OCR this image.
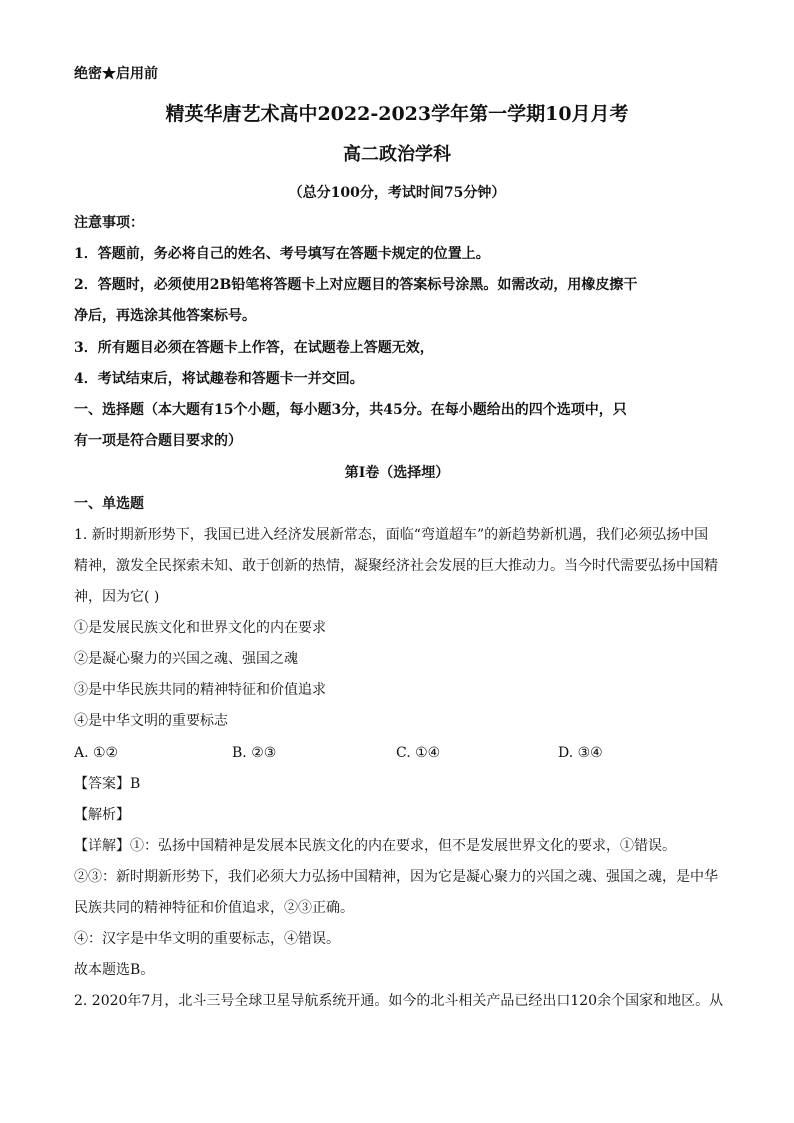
绝密★启用前
精英华唐艺术高中2022-2023学年第一学期10月月考
高二政治学科
（总分100分，考试时间75分钟）
注意事项：
1．答题前，务必将自己的姓名、考号填写在答题卡规定的位置上。
2．答题时，必须使用2B铅笔将答题卡上对应题目的答案标号涂黑。如需改动，用橡皮擦干
净后，再选涂其他答案标号。
3．所有题目必须在答题卡上作答，在试题卷上答题无效，
4．考试结束后，将试趣卷和答题卡一并交回。
一、选择题（本大题有15个小题，每小题3分，共45分。在每小题给出的四个选项中，只
有一项是符合题目要求的）
第Ⅰ卷（选择埋）
一、单选题
1. 新时期新形势下，我国已进入经济发展新常态，面临“弯道超车”的新趋势新机遇，我们必须弘扬中国
精神，激发全民探索未知、敢于创新的热情，凝聚经济社会发展的巨大推动力。当今时代需要弘扬中国精
神，因为它( )
①是发展民族文化和世界文化的内在要求
②是凝心聚力的兴国之魂、强国之魂
③是中华民族共同的精神特征和价值追求
④是中华文明的重要标志
A. ①②	B. ②③	C. ①④	D. ③④
【答案】B
【解析】
【详解】①：弘扬中国精神是发展本民族文化的内在要求，但不是发展世界文化的要求，①错误。
②③：新时期新形势下，我们必须大力弘扬中国精神，因为它是凝心聚力的兴国之魂、强国之魂，是中华
民族共同的精神特征和价值追求，②③正确。
④：汉字是中华文明的重要标志，④错误。
故本题选B。
2. 2020年7月，北斗三号全球卫星导航系统开通。如今的北斗相关产品已经出口120余个国家和地区。从
